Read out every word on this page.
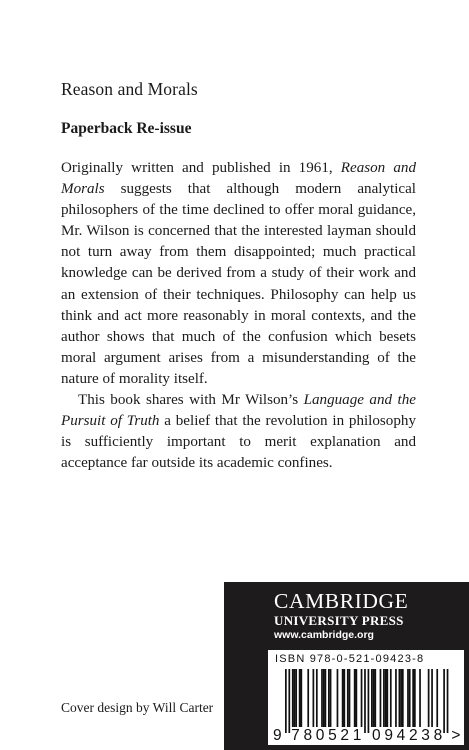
Reason and Morals
Paperback Re-issue

Originally written and published in 1961, Reason and Morals suggests that although modern analytical philosophers of the time declined to offer moral guidance, Mr. Wilson is concerned that the interested layman should not turn away from them disappointed; much practical knowledge can be derived from a study of their work and an extension of their techniques. Philosophy can help us think and act more reasonably in moral contexts, and the author shows that much of the confusion which besets moral argument arises from a misunderstanding of the nature of morality itself.

This book shares with Mr Wilson’s Language and the Pursuit of Truth a belief that the revolution in philosophy is sufficiently important to merit explanation and acceptance far outside its academic confines.

Cover design by Will Carter
CAMBRIDGE
UNIVERSITY PRESS
www.cambridge.org
ISBN 978-0-521-09423-8
9 780521 094238 >
